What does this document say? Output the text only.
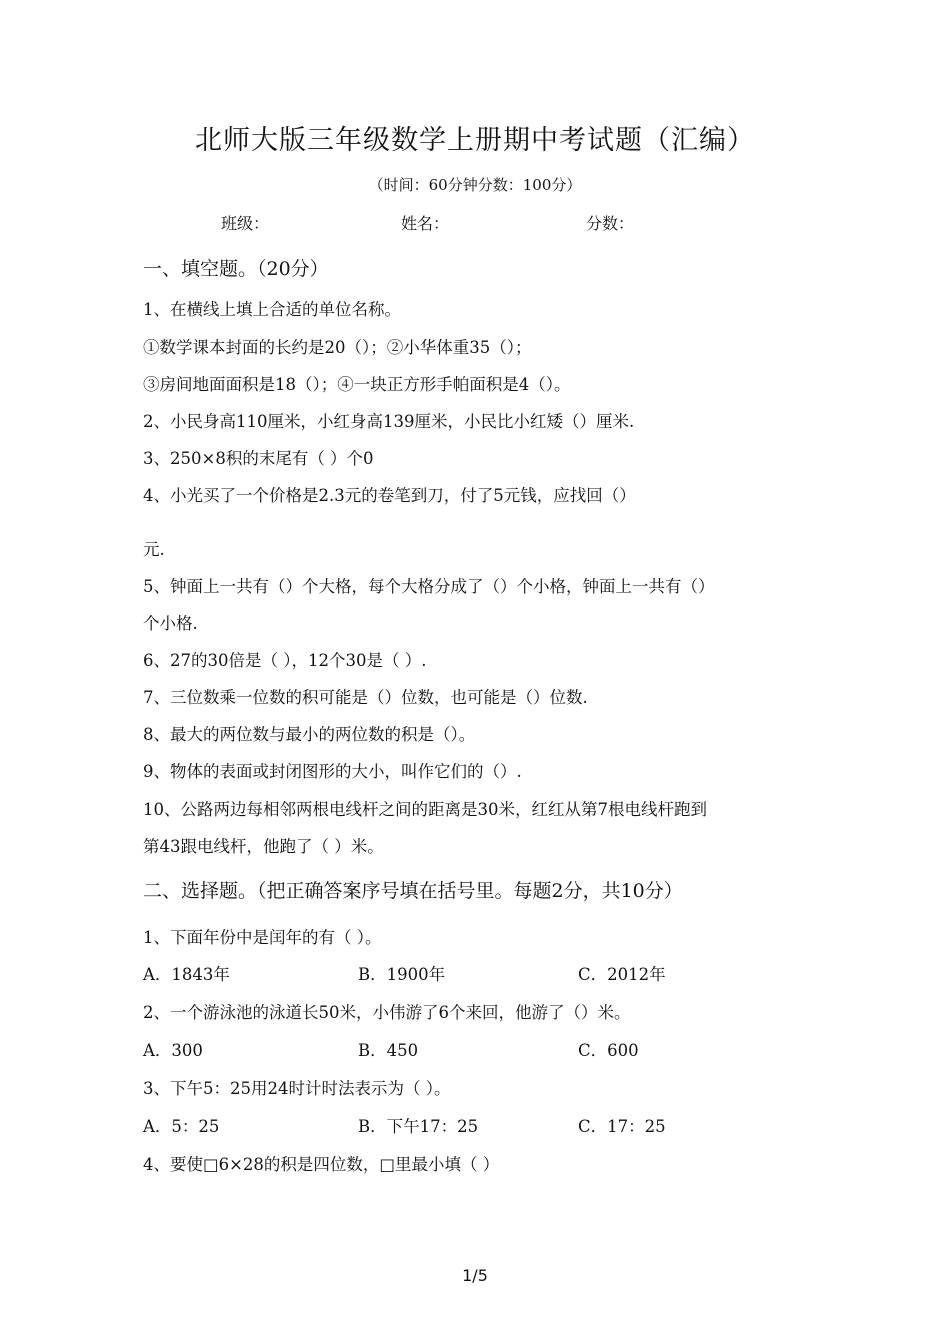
北师大版三年级数学上册期中考试题（汇编）
（时间：60分钟分数：100分）
班级：	姓名：	分数：
一、填空题。（20分）
1、在横线上填上合适的单位名称。
①数学课本封面的长约是20（）；②小华体重35（）；
③房间地面面积是18（）；④一块正方形手帕面积是4（）。
2、小民身高110厘米，小红身高139厘米，小民比小红矮（）厘米.
3、250×8积的末尾有（ ）个0
4、小光买了一个价格是2.3元的卷笔到刀，付了5元钱，应找回（）
元.
5、钟面上一共有（）个大格，每个大格分成了（）个小格，钟面上一共有（）
个小格.
6、27的30倍是（ ），12个30是（ ）.
7、三位数乘一位数的积可能是（）位数，也可能是（）位数.
8、最大的两位数与最小的两位数的积是（）。
9、物体的表面或封闭图形的大小，叫作它们的（）.
10、公路两边每相邻两根电线杆之间的距离是30米，红红从第7根电线杆跑到
第43跟电线杆，他跑了（ ）米。
二、选择题。（把正确答案序号填在括号里。每题2分，共10分）
1、下面年份中是闰年的有（ ）。
A．1843年	B．1900年	C．2012年
2、一个游泳池的泳道长50米，小伟游了6个来回，他游了（）米。
A．300	B．450	C．600
3、下午5：25用24时计时法表示为（ ）。
A．5：25	B．下午17：25	C．17：25
4、要使□6×28的积是四位数，□里最小填（ ）
1/5
